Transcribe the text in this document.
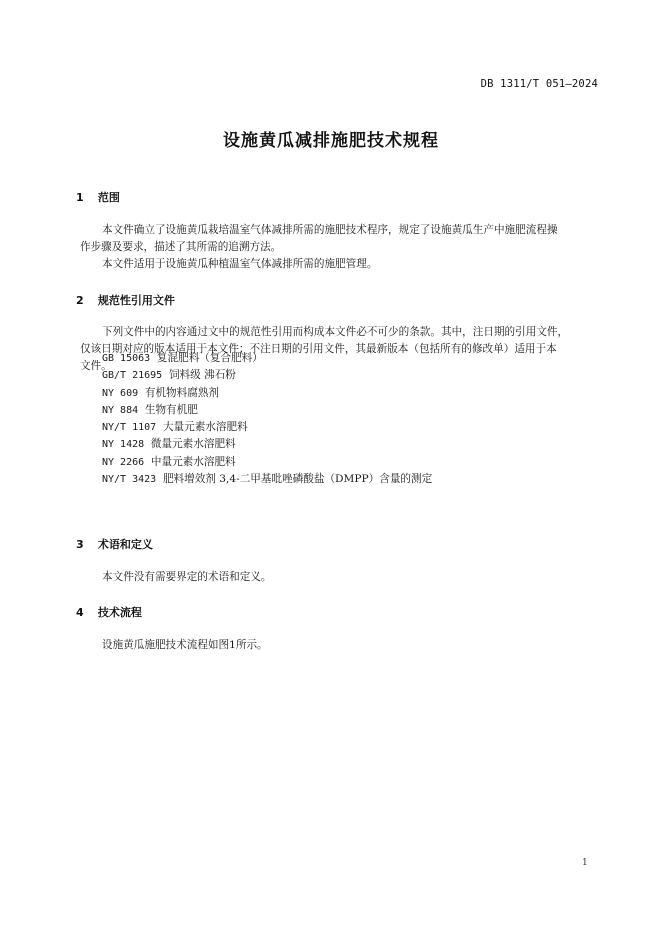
DB 1311/T 051—2024
设施黄瓜减排施肥技术规程
1 范围
本文件确立了设施黄瓜栽培温室气体减排所需的施肥技术程序，规定了设施黄瓜生产中施肥流程操
作步骤及要求，描述了其所需的追溯方法。
本文件适用于设施黄瓜种植温室气体减排所需的施肥管理。
2 规范性引用文件
下列文件中的内容通过文中的规范性引用而构成本文件必不可少的条款。其中，注日期的引用文件，
仅该日期对应的版本适用于本文件；不注日期的引用文件，其最新版本（包括所有的修改单）适用于本
文件。
GB 15063 复混肥料（复合肥料）
GB/T 21695 饲料级 沸石粉
NY 609 有机物料腐熟剂
NY 884 生物有机肥
NY/T 1107 大量元素水溶肥料
NY 1428 微量元素水溶肥料
NY 2266 中量元素水溶肥料
NY/T 3423 肥料增效剂 3,4-二甲基吡唑磷酸盐（DMPP）含量的测定
3 术语和定义
本文件没有需要界定的术语和定义。
4 技术流程
设施黄瓜施肥技术流程如图1所示。
1
